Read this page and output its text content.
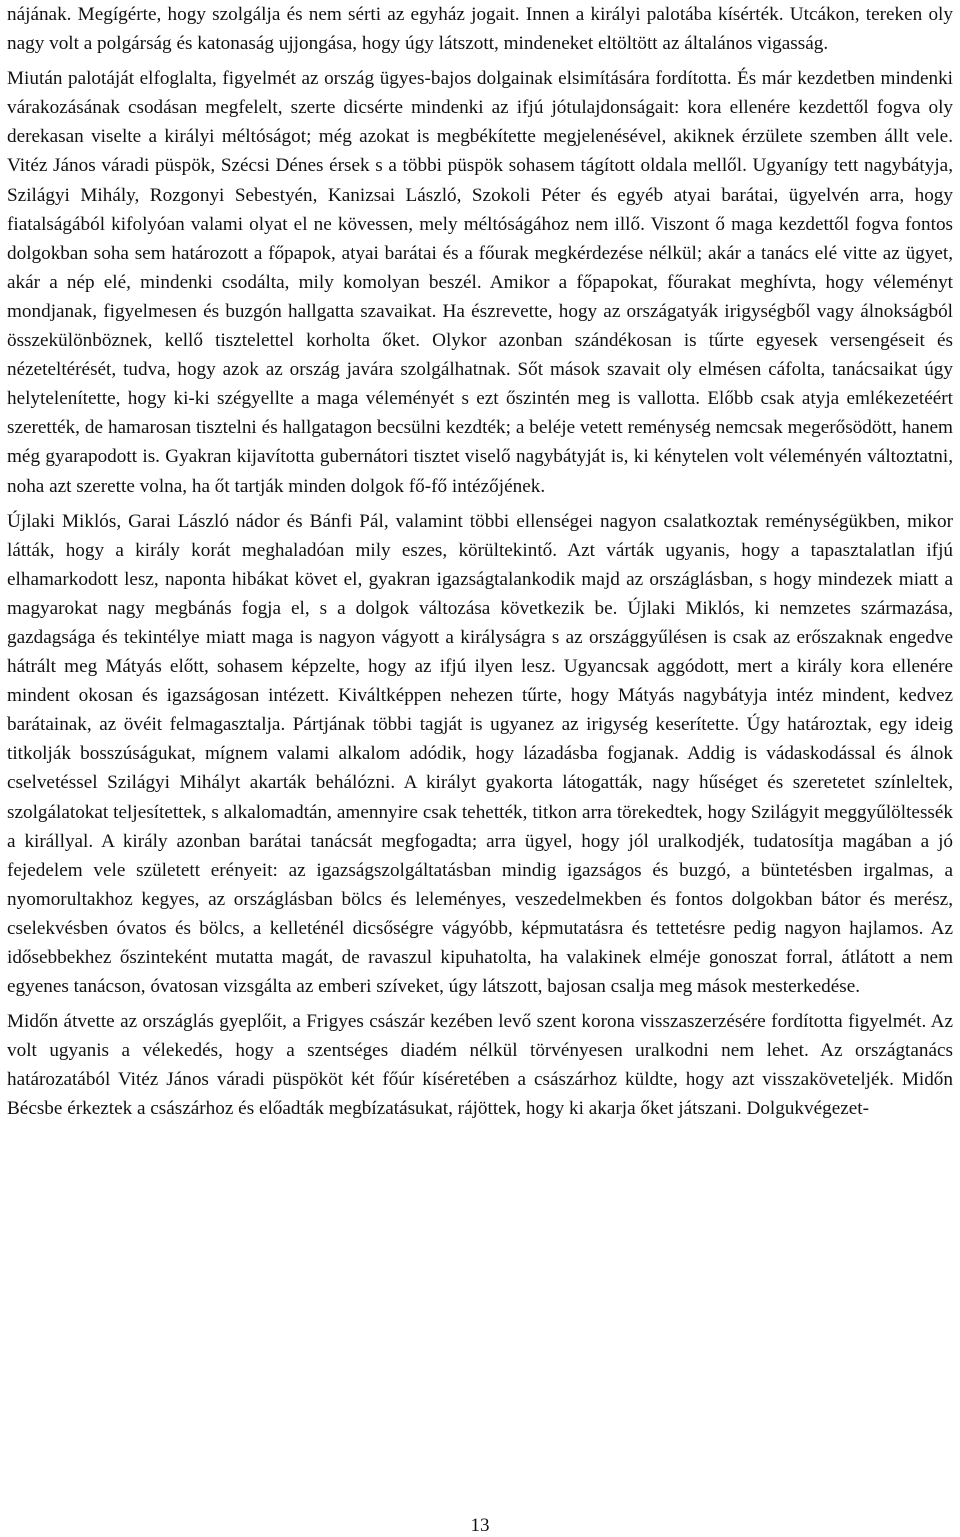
nájának. Megígérte, hogy szolgálja és nem sérti az egyház jogait. Innen a királyi palotába kísérték. Utcákon, tereken oly nagy volt a polgárság és katonaság ujjongása, hogy úgy látszott, mindeneket eltöltött az általános vigasság.

Miután palotáját elfoglalta, figyelmét az ország ügyes-bajos dolgainak elsimítására fordította. És már kezdetben mindenki várakozásának csodásan megfelelt, szerte dicsérte mindenki az ifjú jótulajdonságait: kora ellenére kezdettől fogva oly derekasan viselte a királyi méltóságot; még azokat is megbékítette megjelenésével, akiknek érzülete szemben állt vele. Vitéz János váradi püspök, Szécsi Dénes érsek s a többi püspök sohasem tágított oldala mellől. Ugyanígy tett nagybátyja, Szilágyi Mihály, Rozgonyi Sebestyén, Kanizsai László, Szokoli Péter és egyéb atyai barátai, ügyelvén arra, hogy fiatalságából kifolyóan valami olyat el ne kövessen, mely méltóságához nem illő. Viszont ő maga kezdettől fogva fontos dolgokban soha sem határozott a főpapok, atyai barátai és a főurak megkérdezése nélkül; akár a tanács elé vitte az ügyet, akár a nép elé, mindenki csodálta, mily komolyan beszél. Amikor a főpapokat, főurakat meghívta, hogy véleményt mondjanak, figyelmesen és buzgón hallgatta szavaikat. Ha észrevette, hogy az országatyák irigységből vagy álnokságból összekülönböznek, kellő tisztelettel korholta őket. Olykor azonban szándékosan is tűrte egyesek versengéseit és nézeteltérését, tudva, hogy azok az ország javára szolgálhatnak. Sőt mások szavait oly elmésen cáfolta, tanácsaikat úgy helytelenítette, hogy ki-ki szégyellte a maga véleményét s ezt őszintén meg is vallotta. Előbb csak atyja emlékezetéért szerették, de hamarosan tisztelni és hallgatagon becsülni kezdték; a beléje vetett reménység nemcsak megerősödött, hanem még gyarapodott is. Gyakran kijavította gubernátori tisztet viselő nagybátyját is, ki kénytelen volt véleményén változtatni, noha azt szerette volna, ha őt tartják minden dolgok fő-fő intézőjének.

Újlaki Miklós, Garai László nádor és Bánfi Pál, valamint többi ellenségei nagyon csalatkoztak reménységükben, mikor látták, hogy a király korát meghaladóan mily eszes, körültekintő. Azt várták ugyanis, hogy a tapasztalatlan ifjú elhamarkodott lesz, naponta hibákat követ el, gyakran igazságtalankodik majd az országlásban, s hogy mindezek miatt a magyarokat nagy megbánás fogja el, s a dolgok változása következik be. Újlaki Miklós, ki nemzetes származása, gazdagsága és tekintélye miatt maga is nagyon vágyott a királyságra s az országgyűlésen is csak az erőszaknak engedve hátrált meg Mátyás előtt, sohasem képzelte, hogy az ifjú ilyen lesz. Ugyancsak aggódott, mert a király kora ellenére mindent okosan és igazságosan intézett. Kiváltképpen nehezen tűrte, hogy Mátyás nagybátyja intéz mindent, kedvez barátainak, az övéit felmagasztalja. Pártjának többi tagját is ugyanez az irigység keserítette. Úgy határoztak, egy ideig titkolják bosszúságukat, mígnem valami alkalom adódik, hogy lázadásba fogjanak. Addig is vádaskodással és álnok cselvetéssel Szilágyi Mihályt akarták behálózni. A királyt gyakorta látogatták, nagy hűséget és szeretetet színleltek, szolgálatokat teljesítettek, s alkalomadtán, amennyire csak tehették, titkon arra törekedtek, hogy Szilágyit meggyűlöltessék a királlyal. A király azonban barátai tanácsát megfogadta; arra ügyel, hogy jól uralkodjék, tudatosítja magában a jó fejedelem vele született erényeit: az igazságszolgáltatásban mindig igazságos és buzgó, a büntetésben irgalmas, a nyomorultakhoz kegyes, az országlásban bölcs és leleményes, veszedelmekben és fontos dolgokban bátor és merész, cselekvésben óvatos és bölcs, a kelleténél dicsőségre vágyóbb, képmutatásra és tettetésre pedig nagyon hajlamos. Az idősebbekhez őszinteként mutatta magát, de ravaszul kipuhatolta, ha valakinek elméje gonoszat forral, átlátott a nem egyenes tanácson, óvatosan vizsgálta az emberi szíveket, úgy látszott, bajosan csalja meg mások mesterkedése.

Midőn átvette az országlás gyeplőit, a Frigyes császár kezében levő szent korona visszaszerzésére fordította figyelmét. Az volt ugyanis a vélekedés, hogy a szentséges diadém nélkül törvényesen uralkodni nem lehet. Az országtanács határozatából Vitéz János váradi püspököt két főúr kíséretében a császárhoz küldte, hogy azt visszaköveteljék. Midőn Bécsbe érkeztek a császárhoz és előadták megbízatásukat, rájöttek, hogy ki akarja őket játszani. Dolgukvégezet-

13
